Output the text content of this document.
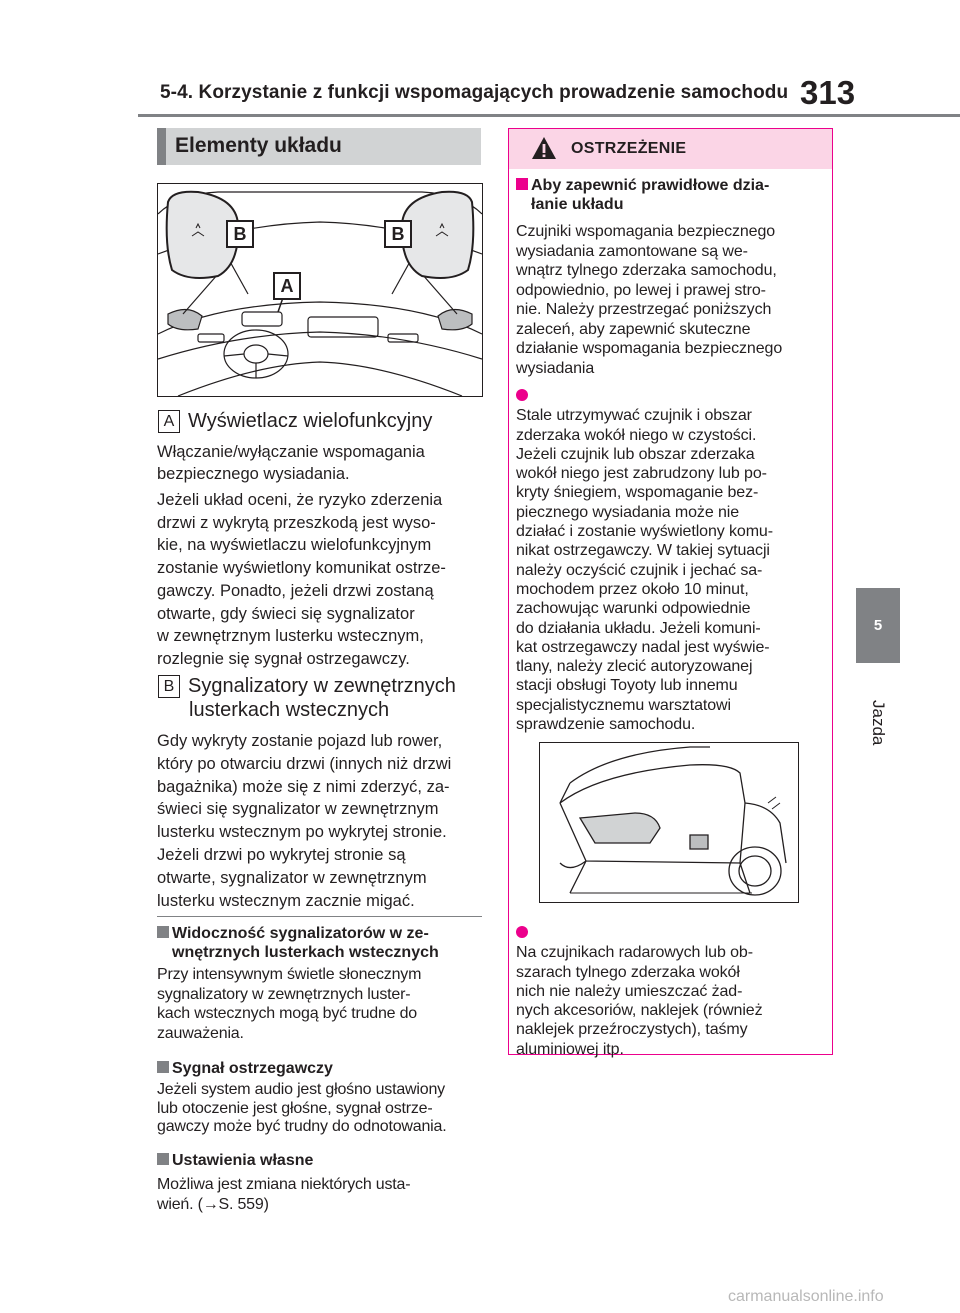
5-4. Korzystanie z funkcji wspomagających prowadzenie samochodu 313
5
Jazda
Elementy układu
B	B
A
A Wyświetlacz wielofunkcyjny
Włączanie/wyłączanie wspomagania
bezpiecznego wysiadania.
Jeżeli układ oceni, że ryzyko zderzenia
drzwi z wykrytą przeszkodą jest wyso-
kie, na wyświetlaczu wielofunkcyjnym
zostanie wyświetlony komunikat ostrze-
gawczy. Ponadto, jeżeli drzwi zostaną
otwarte, gdy świeci się sygnalizator
w zewnętrznym lusterku wstecznym,
rozlegnie się sygnał ostrzegawczy.
B Sygnalizatory w zewnętrznych
lusterkach wstecznych
Gdy wykryty zostanie pojazd lub rower,
który po otwarciu drzwi (innych niż drzwi
bagażnika) może się z nimi zderzyć, za-
świeci się sygnalizator w zewnętrznym
lusterku wstecznym po wykrytej stronie.
Jeżeli drzwi po wykrytej stronie są
otwarte, sygnalizator w zewnętrznym
lusterku wstecznym zacznie migać.
Widoczność sygnalizatorów w ze-
wnętrznych lusterkach wstecznych
Przy intensywnym świetle słonecznym
sygnalizatory w zewnętrznych luster-
kach wstecznych mogą być trudne do
zauważenia.
Sygnał ostrzegawczy
Jeżeli system audio jest głośno ustawiony
lub otoczenie jest głośne, sygnał ostrze-
gawczy może być trudny do odnotowania.
Ustawienia własne
Możliwa jest zmiana niektórych usta-
wień. (→S. 559)
OSTRZEŻENIE
Aby zapewnić prawidłowe dzia-
łanie układu
Czujniki wspomagania bezpiecznego
wysiadania zamontowane są we-
wnątrz tylnego zderzaka samochodu,
odpowiednio, po lewej i prawej stro-
nie. Należy przestrzegać poniższych
zaleceń, aby zapewnić skuteczne
działanie wspomagania bezpiecznego
wysiadania
Stale utrzymywać czujnik i obszar
zderzaka wokół niego w czystości.
Jeżeli czujnik lub obszar zderzaka
wokół niego jest zabrudzony lub po-
kryty śniegiem, wspomaganie bez-
piecznego wysiadania może nie
działać i zostanie wyświetlony komu-
nikat ostrzegawczy. W takiej sytuacji
należy oczyścić czujnik i jechać sa-
mochodem przez około 10 minut,
zachowując warunki odpowiednie
do działania układu. Jeżeli komuni-
kat ostrzegawczy nadal jest wyświe-
tlany, należy zlecić autoryzowanej
stacji obsługi Toyoty lub innemu
specjalistycznemu warsztatowi
sprawdzenie samochodu.
Na czujnikach radarowych lub ob-
szarach tylnego zderzaka wokół
nich nie należy umieszczać żad-
nych akcesoriów, naklejek (również
naklejek przeźroczystych), taśmy
aluminiowej itp.
carmanualsonline.info
